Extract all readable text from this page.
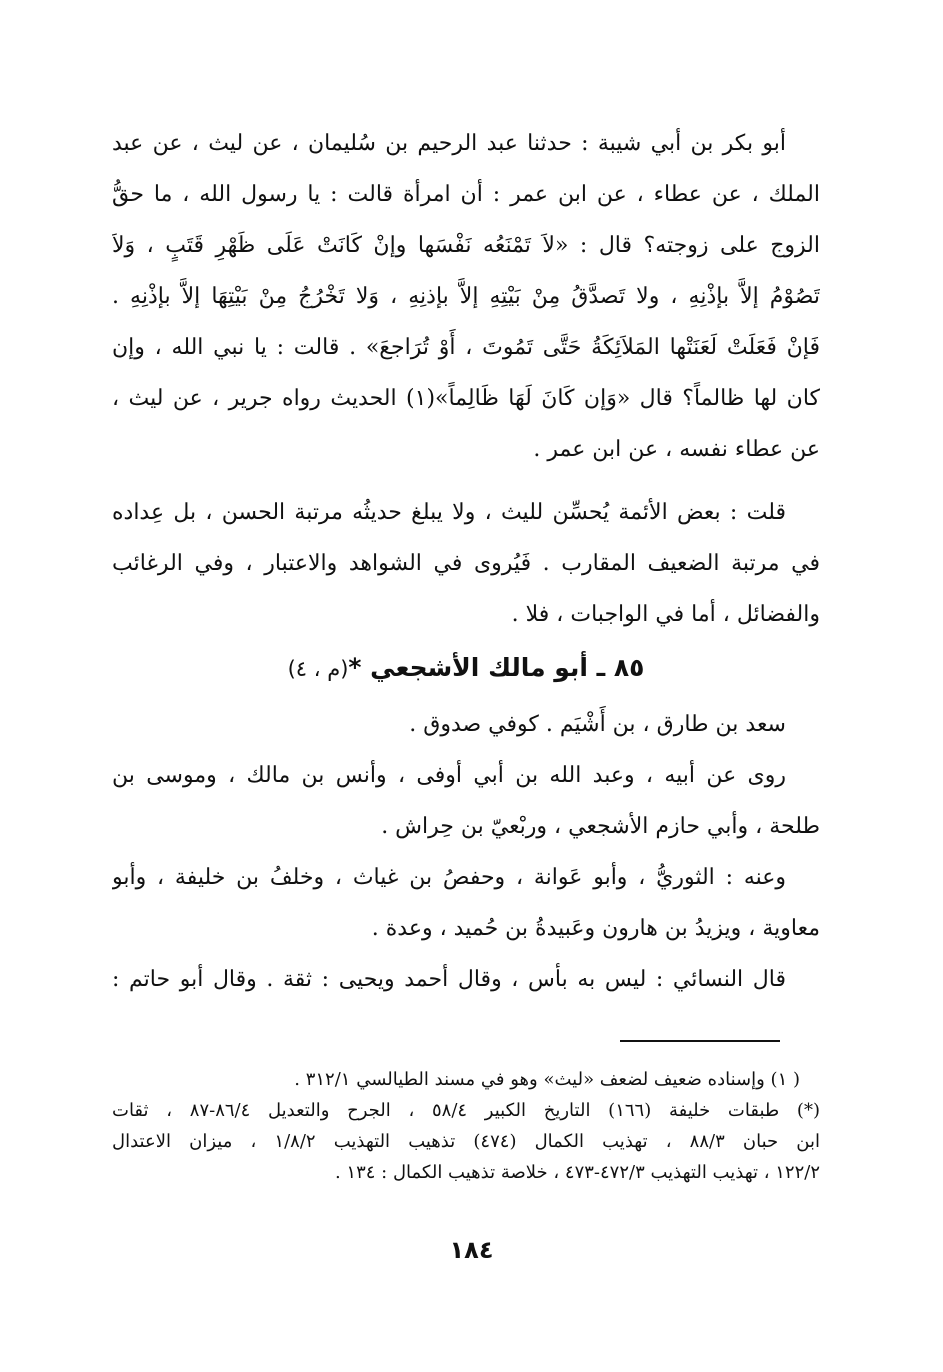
أبو بكر بن أبي شيبة : حدثنا عبد الرحيم بن سُليمان ، عن ليث ، عن عبد
الملك ، عن عطاء ، عن ابن عمر : أن امرأة قالت : يا رسول الله ، ما حقُّ
الزوج على زوجته؟ قال : «لاَ تَمْنَعُه نَفْسَها وإنْ كَانَتْ عَلَى ظَهْرِ قَتَبٍ ، وَلاَ
تَصُوْمُ إلاَّ بإذْنِهِ ، ولا تَصدَّقُ مِنْ بَيْتِهِ إلاَّ بإذنِهِ ، وَلا تَخْرُجُ مِنْ بَيْتِهَا إلاَّ بإذْنِهِ .
فَإنْ فَعَلَتْ لَعَنَتْها المَلاَئِكَةُ حَتَّى تَمُوتَ ، أَوْ تُرَاجعَ» . قالت : يا نبي الله ، وإن
كان لها ظالماً؟ قال «وَإن كَانَ لَهَا ظَالِماً»(١) الحديث رواه جرير ، عن ليث ،
عن عطاء نفسه ، عن ابن عمر .
قلت : بعض الأئمة يُحسِّن لليث ، ولا يبلغ حديثُه مرتبة الحسن ، بل عِداده
في مرتبة الضعيف المقارب . فَيُروى في الشواهد والاعتبار ، وفي الرغائب
والفضائل ، أما في الواجبات ، فلا .
٨٥ ـ أبو مالك الأشجعي *(م ، ٤)
سعد بن طارق ، بن أَشْيَم . كوفي صدوق .
روى عن أبيه ، وعبد الله بن أبي أوفى ، وأنس بن مالك ، وموسى بن
طلحة ، وأبي حازم الأشجعي ، وربْعيّ بن حِراش .
وعنه : الثوريُّ ، وأبو عَوانة ، وحفصُ بن غياث ، وخلفُ بن خليفة ، وأبو
معاوية ، ويزيدُ بن هارون وعَبيدةُ بن حُميد ، وعدة .
قال النسائي : ليس به بأس ، وقال أحمد ويحيى : ثقة . وقال أبو حاتم :
( ١) وإسناده ضعيف لضعف «ليث» وهو في مسند الطيالسي ٣١٢/١ .
(*) طبقات خليفة (١٦٦) التاريخ الكبير ٥٨/٤ ، الجرح والتعديل ٨٦/٤-٨٧ ، ثقات
ابن حبان ٨٨/٣ ، تهذيب الكمال (٤٧٤) تذهيب التهذيب ١/٨/٢ ، ميزان الاعتدال
١٢٢/٢ ، تهذيب التهذيب ٤٧٢/٣-٤٧٣ ، خلاصة تذهيب الكمال : ١٣٤ .
١٨٤
